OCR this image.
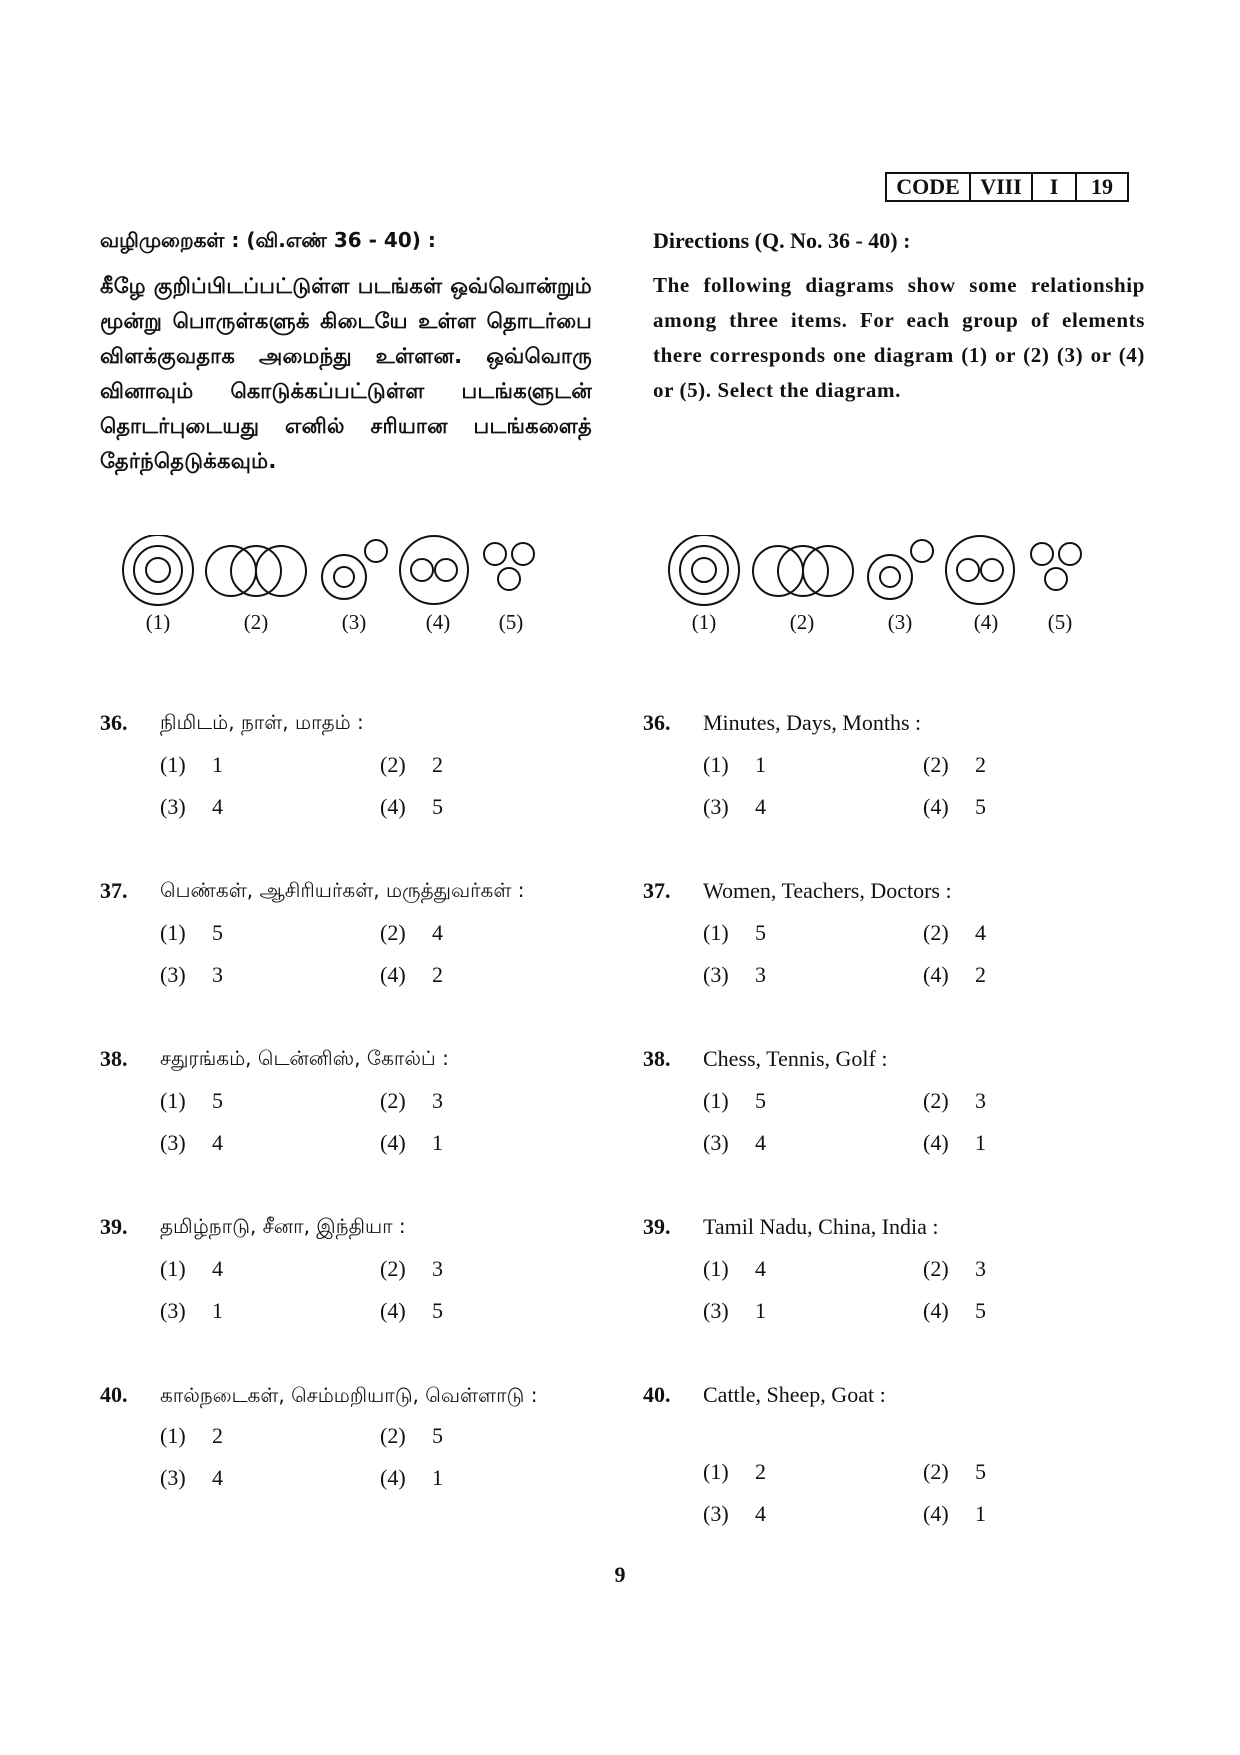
CODE VIII	I	19

வழிமுறைகள் : (வி.எண் 36 - 40) :

கீழே குறிப்பிடப்பட்டுள்ள படங்கள் ஒவ்வொன்றும் மூன்று பொருள்களுக் கிடையே உள்ள தொடர்பை விளக்குவதாக அமைந்து உள்ளன. ஒவ்வொரு வினாவும் கொடுக்கப்பட்டுள்ள படங்களுடன் தொடர்புடையது எனில் சரியான படங்களைத் தேர்ந்தெடுக்கவும்.

Directions (Q. No. 36 - 40) :

The following diagrams show some relationship among three items. For each group of elements there corresponds one diagram (1) or (2) (3) or (4) or (5). Select the diagram.

(1)	(2)	(3)	(4) (5)	(1)	(2)	(3)	(4) (5)
36.	நிமிடம், நாள், மாதம் :
(1)	1	(2)	2
(3)	4	(4)	5
37.	பெண்கள், ஆசிரியர்கள், மருத்துவர்கள் :
(1)	5	(2)	4
(3)	3	(4)	2
38.	சதுரங்கம், டென்னிஸ், கோல்ப் :
(1)	5	(2)	3
(3)	4	(4)	1
39.	தமிழ்நாடு, சீனா, இந்தியா :
(1)	4	(2)	3
(3)	1	(4)	5
40.	கால்நடைகள், செம்மறியாடு, வெள்ளாடு :
(1)	2	(2)	5
(3)	4	(4)	1
36.	Minutes, Days, Months :
(1)	1	(2)	2
(3)	4	(4)	5
37.	Women, Teachers, Doctors :
(1)	5	(2)	4
(3)	3	(4)	2
38.	Chess, Tennis, Golf :
(1)	5	(2)	3
(3)	4	(4)	1
39.	Tamil Nadu, China, India :
(1)	4	(2)	3
(3)	1	(4)	5
40.	Cattle, Sheep, Goat :
(1)	2	(2)	5
(3)	4	(4)	1
9
